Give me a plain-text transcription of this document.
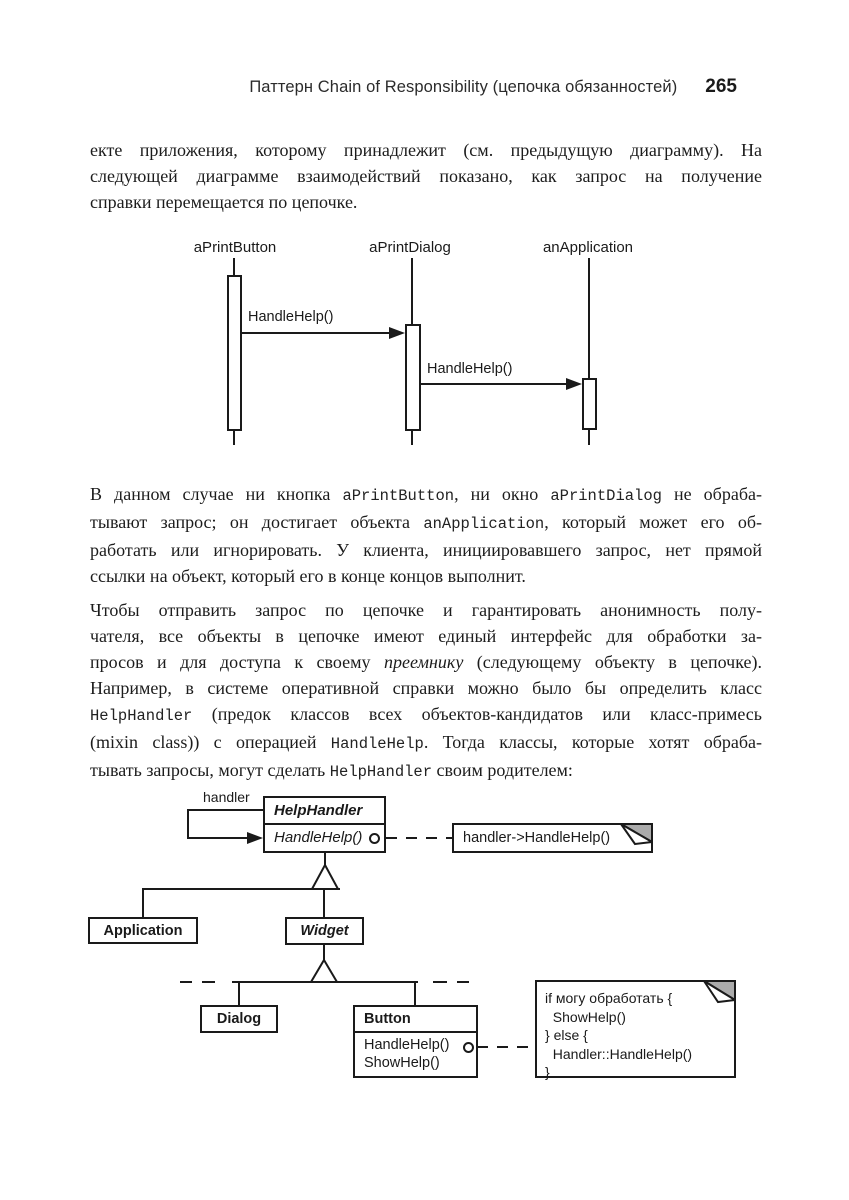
Паттерн Chain of Responsibility (цепочка обязанностей) 265
екте приложения, которому принадлежит (см. предыдущую диаграмму). На
следующей диаграмме взаимодействий показано, как запрос на получение
справки перемещается по цепочке.
aPrintButton	aPrintDialog	anApplication
HandleHelp()
HandleHelp()
В данном случае ни кнопка aPrintButton, ни окно aPrintDialog не обраба-
тывают запрос; он достигает объекта anApplication, который может его об-
работать или игнорировать. У клиента, инициировавшего запрос, нет прямой
ссылки на объект, который его в конце концов выполнит.
Чтобы отправить запрос по цепочке и гарантировать анонимность полу-
чателя, все объекты в цепочке имеют единый интерфейс для обработки за-
просов и для доступа к своему преемнику (следующему объекту в цепочке).
Например, в системе оперативной справки можно было бы определить класс
HelpHandler (предок классов всех объектов-кандидатов или класс-примесь
(mixin class)) с операцией HandleHelp. Тогда классы, которые хотят обраба-
тывать запросы, могут сделать HelpHandler своим родителем:
handler
HelpHandler
HandleHelp()	handler->HandleHelp()
Application	Widget
Dialog	Button
HandleHelp()
ShowHelp()
if могу обработать {
ShowHelp()
} else {
Handler::HandleHelp()
}
